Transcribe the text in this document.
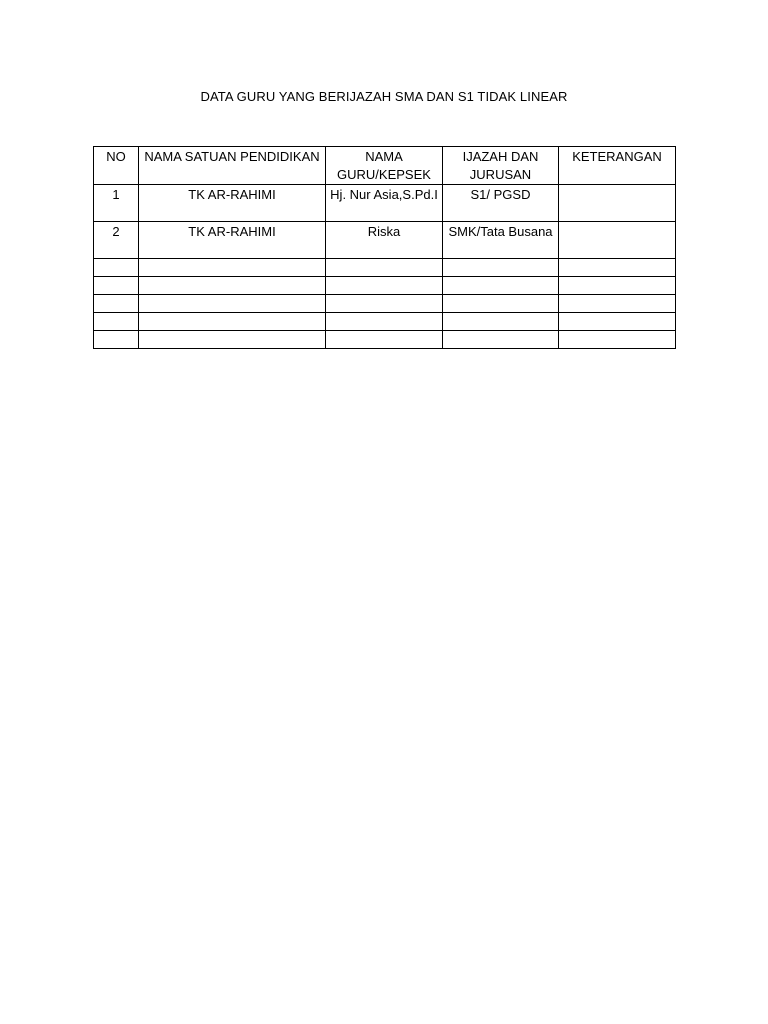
DATA GURU YANG BERIJAZAH SMA DAN S1 TIDAK LINEAR
NO	NAMA SATUAN PENDIDIKAN	NAMA GURU/KEPSEK	IJAZAH DAN JURUSAN	KETERANGAN
1	TK AR-RAHIMI	Hj. Nur Asia,S.Pd.I	S1/ PGSD	
2	TK AR-RAHIMI	Riska	SMK/Tata Busana	
